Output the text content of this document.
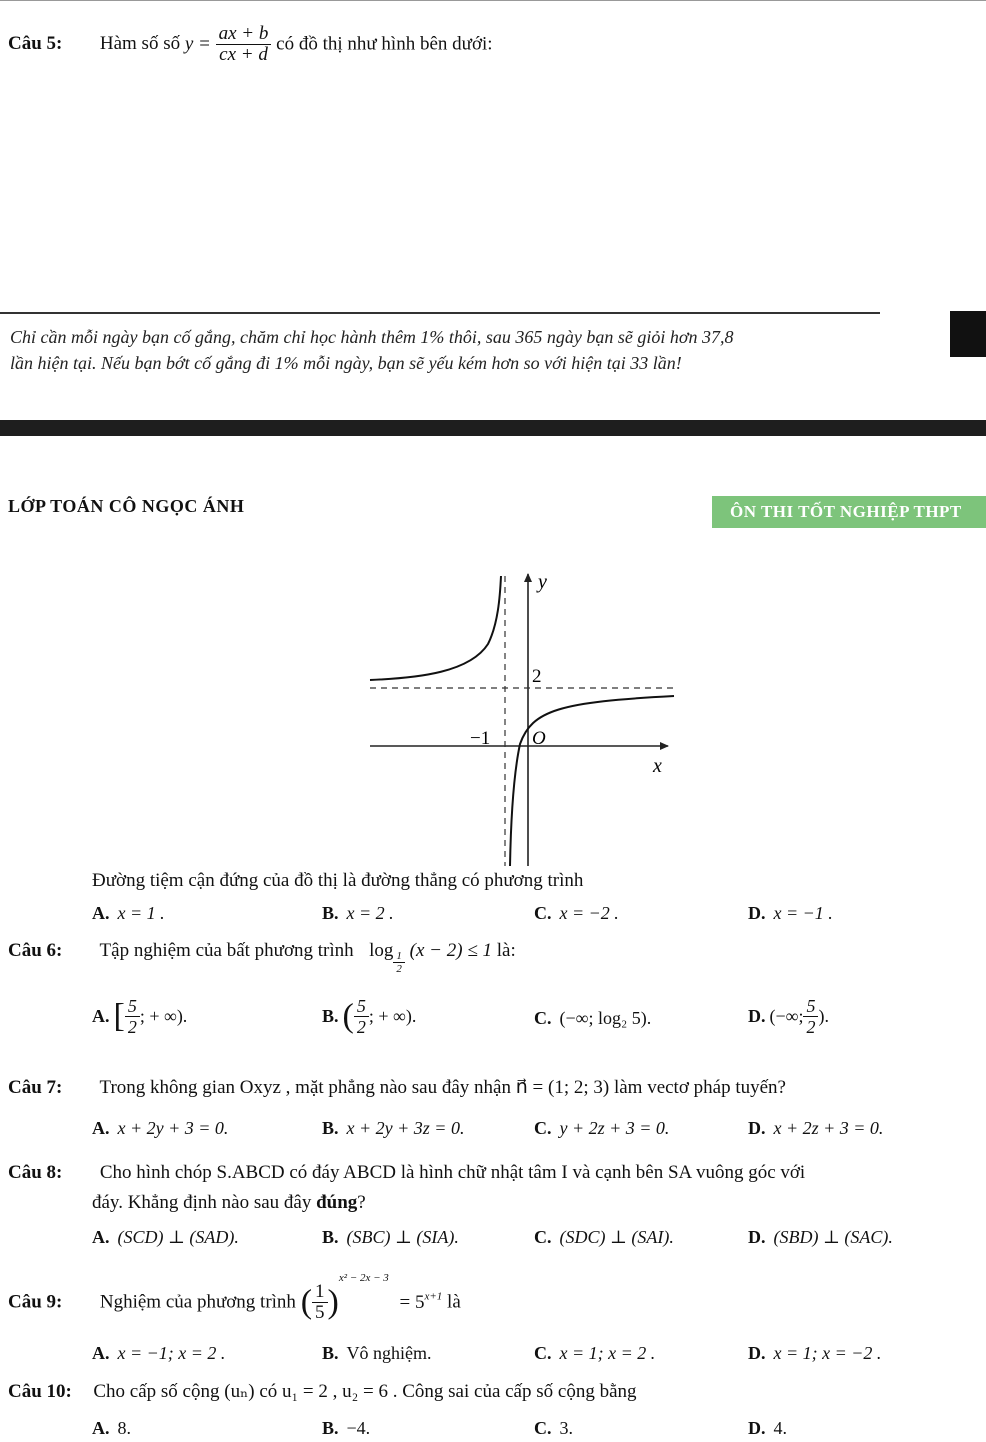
Câu 5: Hàm số số $y = \frac{ax + b}{cx + d}$ có đồ thị như hình bên dưới:
Chỉ cần mỗi ngày bạn cố gắng, chăm chỉ học hành thêm 1% thôi, sau 365 ngày bạn sẽ giỏi hơn 37,8
lần hiện tại. Nếu bạn bớt cố gắng đi 1% mỗi ngày, bạn sẽ yếu kém hơn so với hiện tại 33 lần!
LỚP TOÁN CÔ NGỌC ÁNH	ÔN THI TỐT NGHIỆP THPT
y
x
O
2
−1
Đường tiệm cận đứng của đồ thị là đường thẳng có phương trình
A. x = 1 .	B. x = 2 .	C. x = −2 .	D. x = −1 .
Câu 6: Tập nghiệm của bất phương trình $\log \frac{1}{2} (x - 2) \le 1$ là:
A. [ $\frac{5}{2}$ ; + ∞).	B. ( $\frac{5}{2}$ ; + ∞).	C. (−∞; log₂ 5).	D. (−∞; $\frac{5}{2}$ ).
Câu 7: Trong không gian Oxyz , mặt phẳng nào sau đây nhận n⃗ = (1; 2; 3) làm vectơ pháp tuyến?
A. x + 2y + 3 = 0.	B. x + 2y + 3z = 0.	C. y + 2z + 3 = 0.	D. x + 2z + 3 = 0.
Câu 8: Cho hình chóp S.ABCD có đáy ABCD là hình chữ nhật tâm I và cạnh bên SA vuông góc với
đáy. Khẳng định nào sau đây đúng?
A. (SCD) ⊥ (SAD).	B. (SBC) ⊥ (SIA).	C. (SDC) ⊥ (SAI).	D. (SBD) ⊥ (SAC).
Câu 9: Nghiệm của phương trình ( $\frac{1}{5} )^{x^2 - 2x - 3} = 5^{x+1}$ là
A. x = −1; x = 2 .	B. Vô nghiệm.	C. x = 1; x = 2 .	D. x = 1; x = −2 .
Câu 10: Cho cấp số cộng (uₙ) có u₁ = 2 , u₂ = 6 . Công sai của cấp số cộng bằng
A. 8.	B. −4.	C. 3.	D. 4.
